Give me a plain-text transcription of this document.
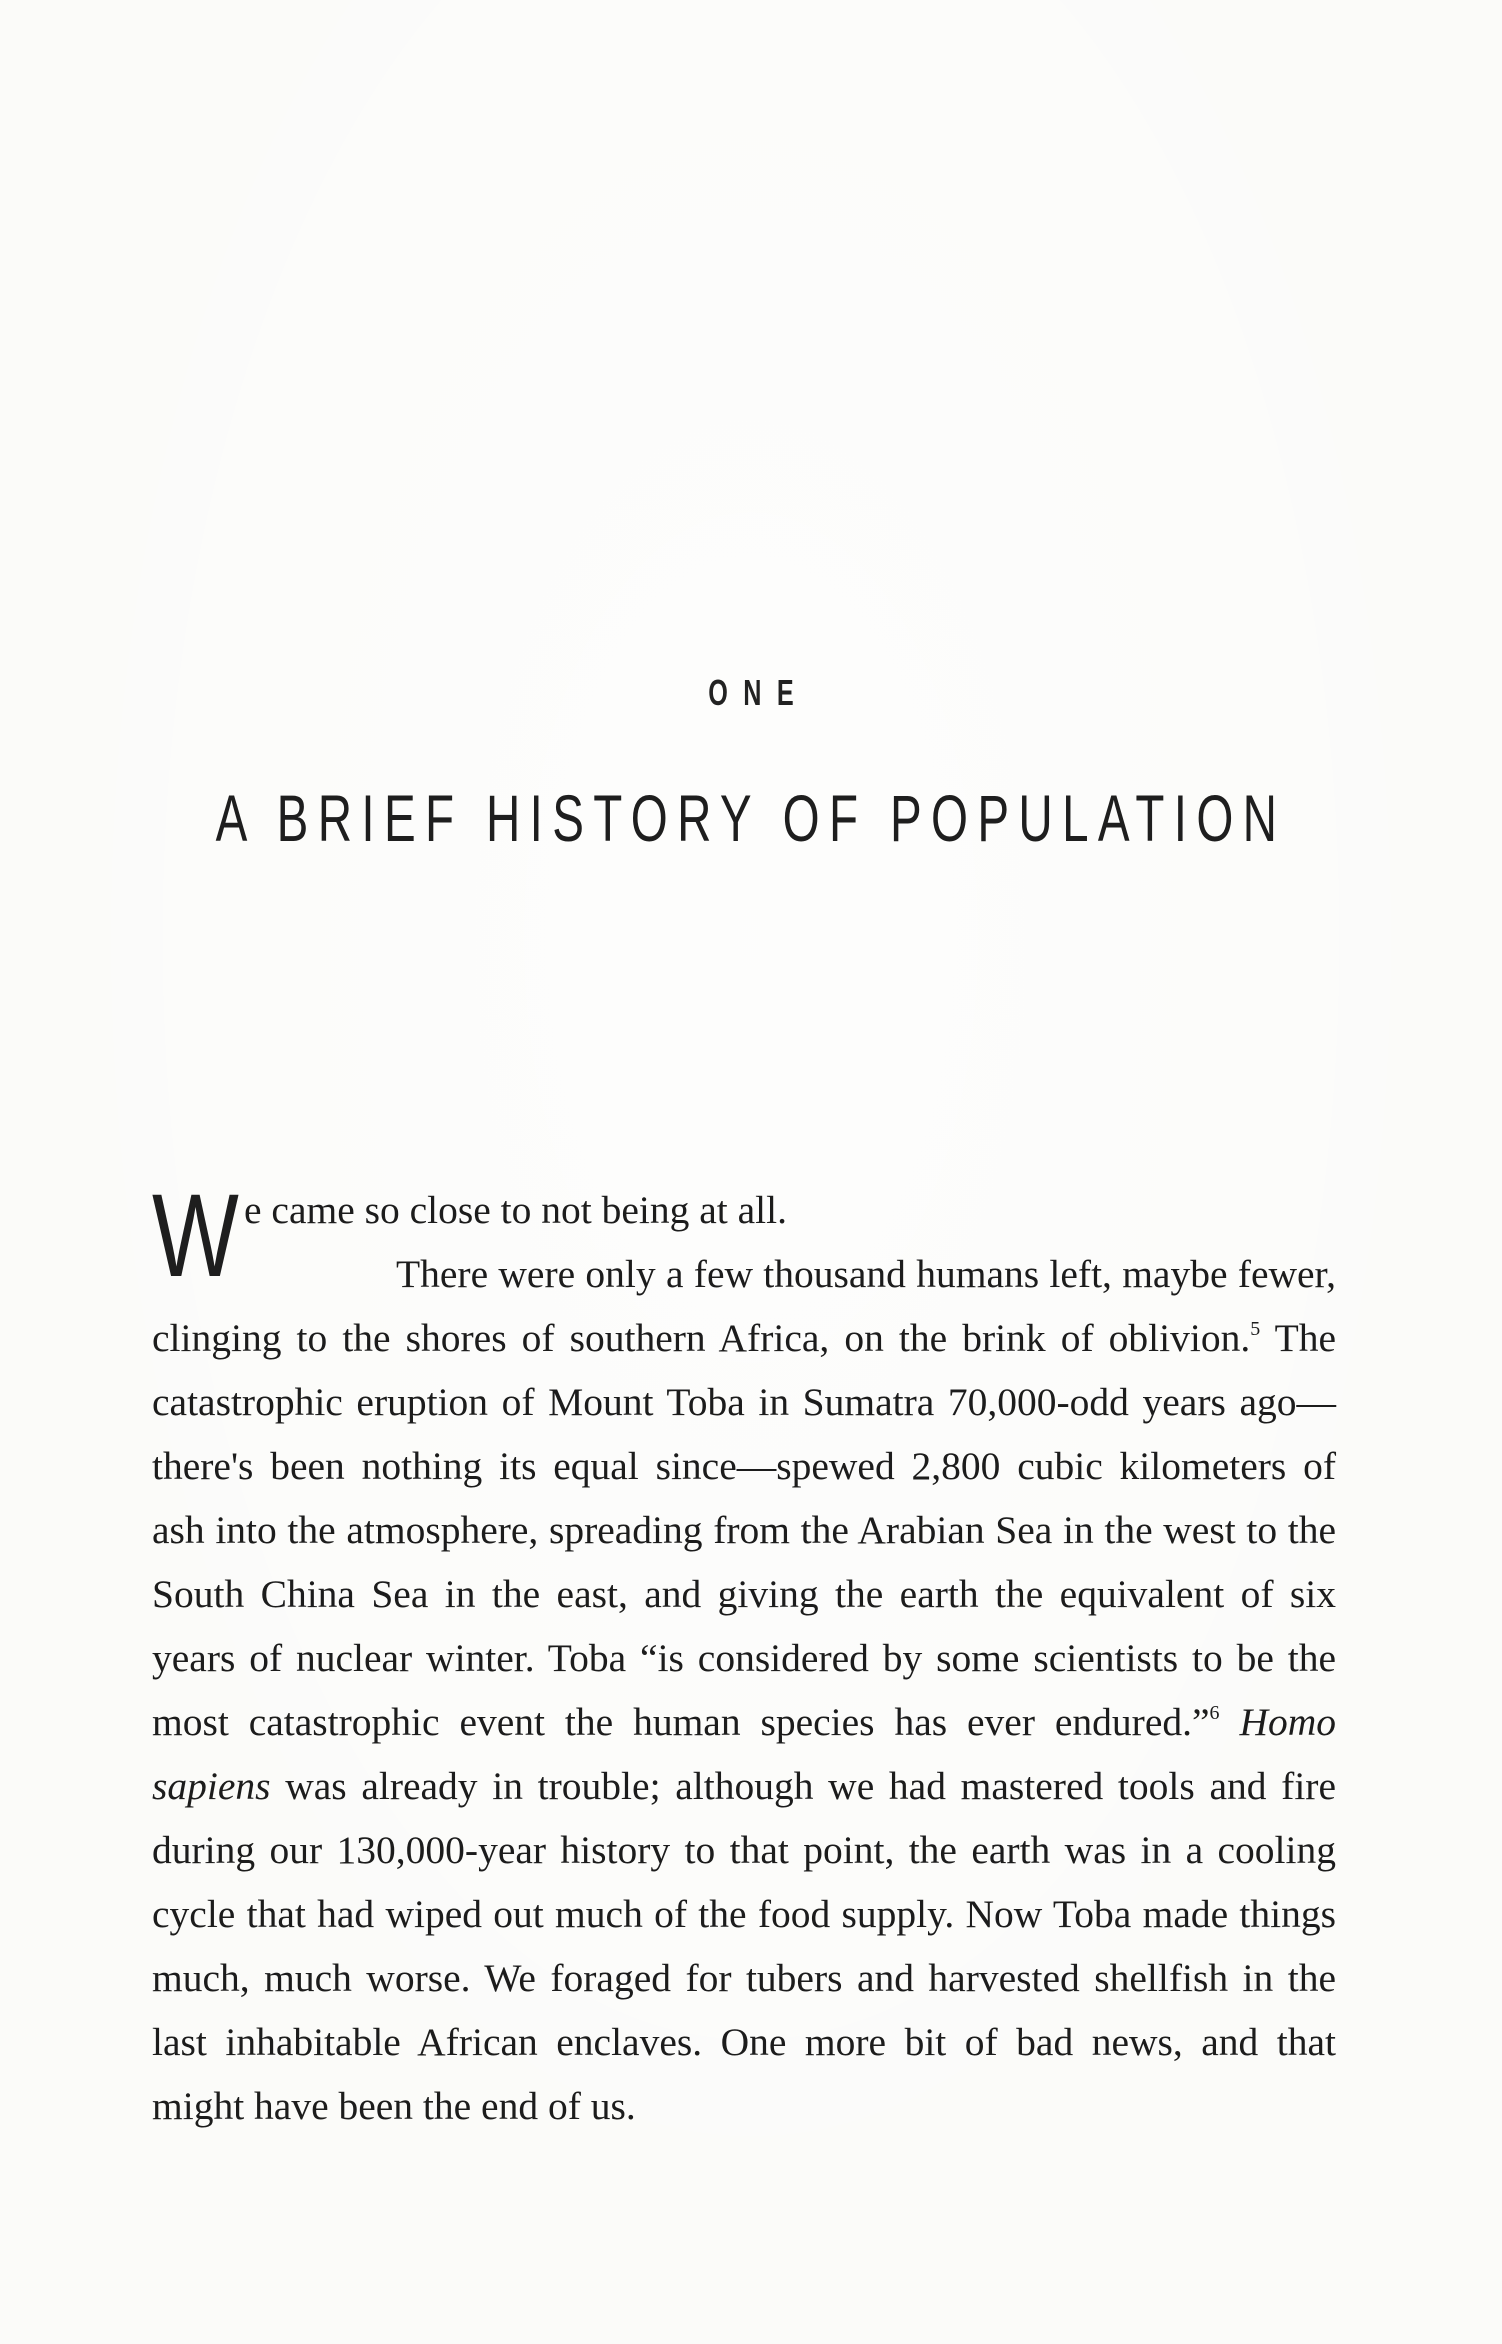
ONE
A BRIEF HISTORY OF POPULATION

We came so close to not being at all.

There were only a few thousand humans left, maybe fewer, clinging to the shores of southern Africa, on the brink of oblivion.$^5$ The catastrophic eruption of Mount Toba in Sumatra 70,000-odd years ago—there's been nothing its equal since—spewed 2,800 cubic kilometers of ash into the atmosphere, spreading from the Arabian Sea in the west to the South China Sea in the east, and giving the earth the equivalent of six years of nuclear winter. Toba “is considered by some scientists to be the most catastrophic event the human species has ever endured.”$^6$ Homo sapiens was already in trouble; although we had mastered tools and fire during our 130,000-year history to that point, the earth was in a cooling cycle that had wiped out much of the food supply. Now Toba made things much, much worse. We foraged for tubers and harvested shellfish in the last inhabitable African enclaves. One more bit of bad news, and that might have been the end of us.
